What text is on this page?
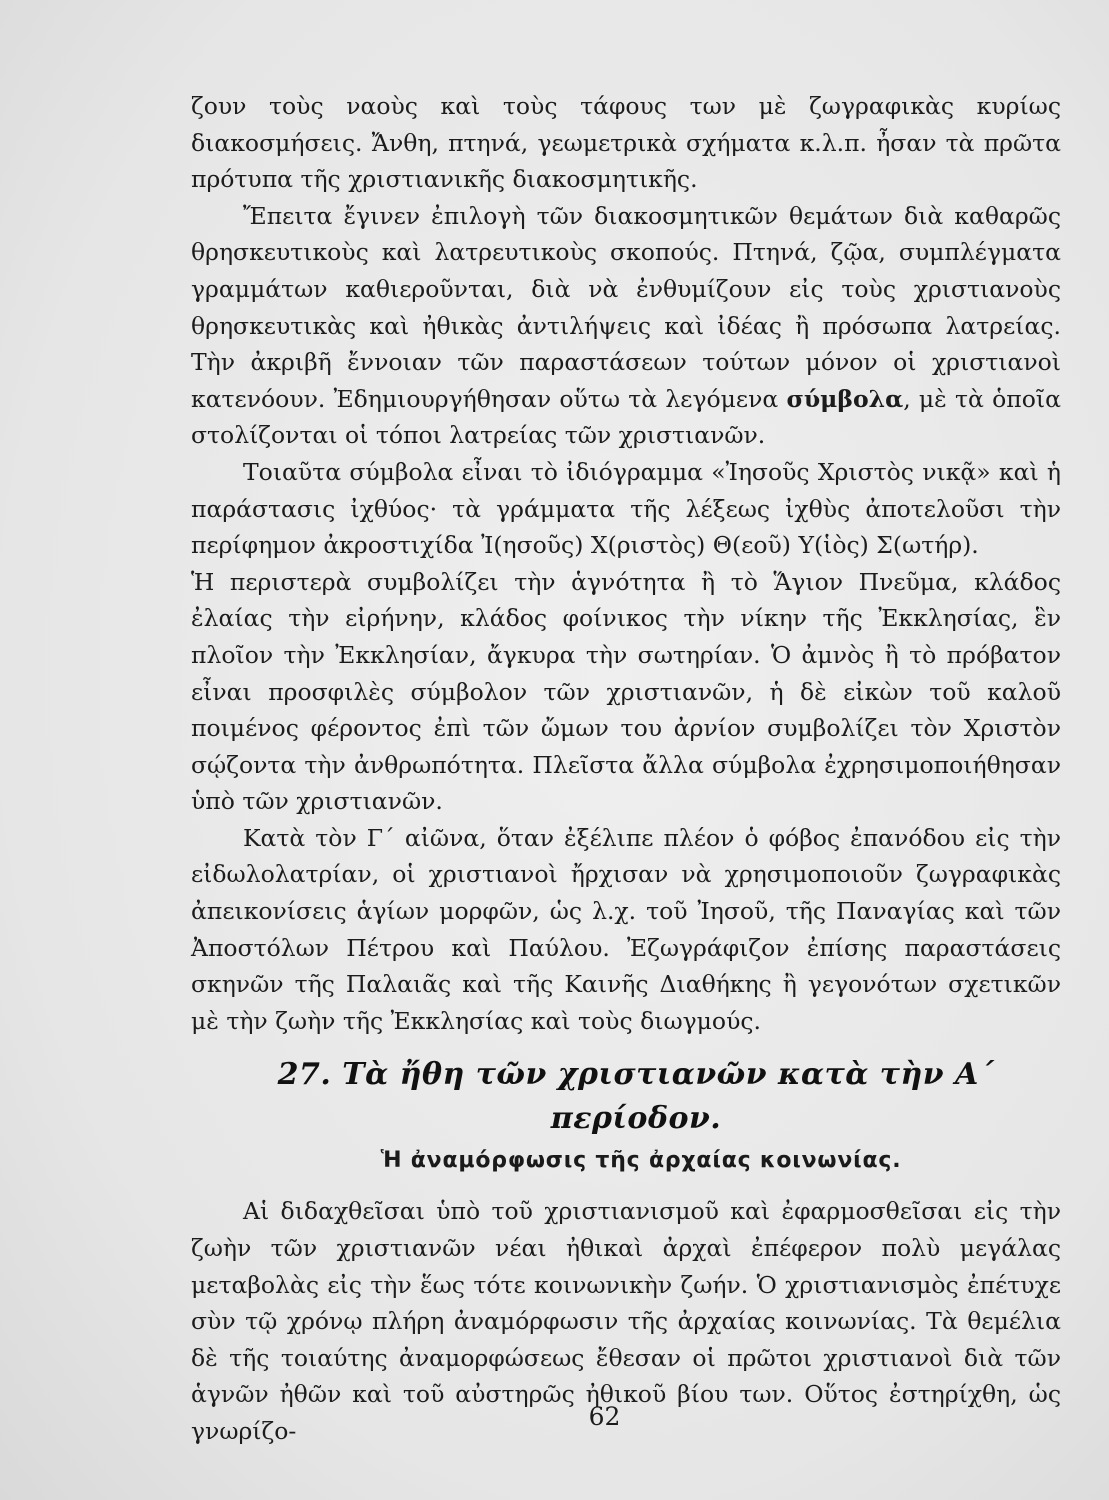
ζουν τοὺς ναοὺς καὶ τοὺς τάφους των μὲ ζωγραφικὰς κυρίως διακοσμήσεις. Ἄνθη, πτηνά, γεωμετρικὰ σχήματα κ.λ.π. ἦσαν τὰ πρῶτα πρότυπα τῆς χριστιανικῆς διακοσμητικῆς.

Ἔπειτα ἔγινεν ἐπιλογὴ τῶν διακοσμητικῶν θεμάτων διὰ καθαρῶς θρησκευτικοὺς καὶ λατρευτικοὺς σκοπούς. Πτηνά, ζῷα, συμπλέγματα γραμμάτων καθιεροῦνται, διὰ νὰ ἐνθυμίζουν εἰς τοὺς χριστιανοὺς θρησκευτικὰς καὶ ἠθικὰς ἀντιλήψεις καὶ ἰδέας ἢ πρόσωπα λατρείας. Τὴν ἀκριβῆ ἔννοιαν τῶν παραστάσεων τούτων μόνον οἱ χριστιανοὶ κατενόουν. Ἐδημιουργήθησαν οὕτω τὰ λεγόμενα σύμβολα, μὲ τὰ ὁποῖα στολίζονται οἱ τόποι λατρείας τῶν χριστιανῶν.

Τοιαῦτα σύμβολα εἶναι τὸ ἰδιόγραμμα «Ἰησοῦς Χριστὸς νικᾷ» καὶ ἡ παράστασις ἰχθύος· τὰ γράμματα τῆς λέξεως ἰχθὺς ἀποτελοῦσι τὴν περίφημον ἀκροστιχίδα Ἰ(ησοῦς) Χ(ριστὸς) Θ(εοῦ) Υ(ἱὸς) Σ(ωτήρ).

Ἡ περιστερὰ συμβολίζει τὴν ἁγνότητα ἢ τὸ Ἅγιον Πνεῦμα, κλάδος ἐλαίας τὴν εἰρήνην, κλάδος φοίνικος τὴν νίκην τῆς Ἐκκλησίας, ἓν πλοῖον τὴν Ἐκκλησίαν, ἄγκυρα τὴν σωτηρίαν. Ὁ ἀμνὸς ἢ τὸ πρόβατον εἶναι προσφιλὲς σύμβολον τῶν χριστιανῶν, ἡ δὲ εἰκὼν τοῦ καλοῦ ποιμένος φέροντος ἐπὶ τῶν ὤμων του ἀρνίον συμβολίζει τὸν Χριστὸν σῴζοντα τὴν ἀνθρωπότητα. Πλεῖστα ἄλλα σύμβολα ἐχρησιμοποιήθησαν ὑπὸ τῶν χριστιανῶν.

Κατὰ τὸν Γ΄ αἰῶνα, ὅταν ἐξέλιπε πλέον ὁ φόβος ἐπανόδου εἰς τὴν εἰδωλολατρίαν, οἱ χριστιανοὶ ἤρχισαν νὰ χρησιμοποιοῦν ζωγραφικὰς ἀπεικονίσεις ἁγίων μορφῶν, ὡς λ.χ. τοῦ Ἰησοῦ, τῆς Παναγίας καὶ τῶν Ἀποστόλων Πέτρου καὶ Παύλου. Ἐζωγράφιζον ἐπίσης παραστάσεις σκηνῶν τῆς Παλαιᾶς καὶ τῆς Καινῆς Διαθήκης ἢ γεγονότων σχετικῶν μὲ τὴν ζωὴν τῆς Ἐκκλησίας καὶ τοὺς διωγμούς.

27. Τὰ ἤθη τῶν χριστιανῶν κατὰ τὴν Α΄ περίοδον.
Ἡ ἀναμόρφωσις τῆς ἀρχαίας κοινωνίας.

Αἱ διδαχθεῖσαι ὑπὸ τοῦ χριστιανισμοῦ καὶ ἐφαρμοσθεῖσαι εἰς τὴν ζωὴν τῶν χριστιανῶν νέαι ἠθικαὶ ἀρχαὶ ἐπέφερον πολὺ μεγάλας μεταβολὰς εἰς τὴν ἕως τότε κοινωνικὴν ζωήν. Ὁ χριστιανισμὸς ἐπέτυχε σὺν τῷ χρόνῳ πλήρη ἀναμόρφωσιν τῆς ἀρχαίας κοινωνίας. Τὰ θεμέλια δὲ τῆς τοιαύτης ἀναμορφώσεως ἔθεσαν οἱ πρῶτοι χριστιανοὶ διὰ τῶν ἁγνῶν ἠθῶν καὶ τοῦ αὐστηρῶς ἠθικοῦ βίου των. Οὕτος ἐστηρίχθη, ὡς γνωρίζο-	62
